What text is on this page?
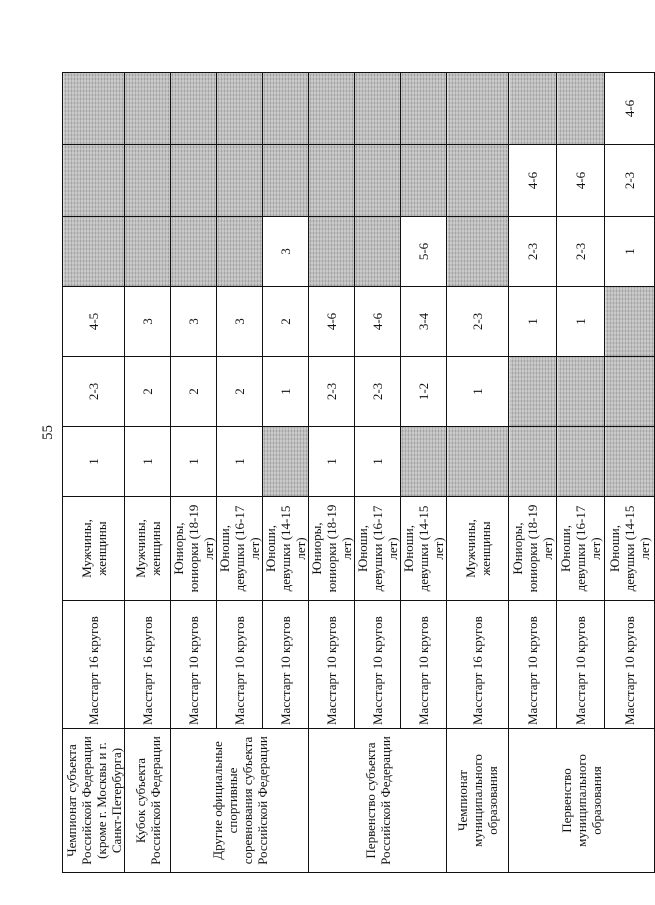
55
Чемпионат субъекта Российской Федерации (кроме г. Москвы и г. Санкт-Петербурга)	Масстарт 16 кругов	Мужчины, женщины	1	2-3	4-5			
Кубок субъекта Российской Федерации	Масстарт 16 кругов	Мужчины, женщины	1	2	3			
Другие официальные спортивные соревнования субъекта Российской Федерации	Масстарт 10 кругов	Юниоры, юниорки (18-19 лет)	1	2	3			
	Масстарт 10 кругов	Юноши, девушки (16-17 лет)	1	2	3			
	Масстарт 10 кругов	Юноши, девушки (14-15 лет)		1	2	3		
Первенство субъекта Российской Федерации	Масстарт 10 кругов	Юниоры, юниорки (18-19 лет)	1	2-3	4-6			
	Масстарт 10 кругов	Юноши, девушки (16-17 лет)	1	2-3	4-6			
	Масстарт 10 кругов	Юноши, девушки (14-15 лет)		1-2	3-4	5-6		
Чемпионат муниципального образования	Масстарт 16 кругов	Мужчины, женщины		1	2-3			
Первенство муниципального образования	Масстарт 10 кругов	Юниоры, юниорки (18-19 лет)			1	2-3	4-6	
	Масстарт 10 кругов	Юноши, девушки (16-17 лет)			1	2-3	4-6	
	Масстарт 10 кругов	Юноши, девушки (14-15 лет)				1	2-3	4-6
